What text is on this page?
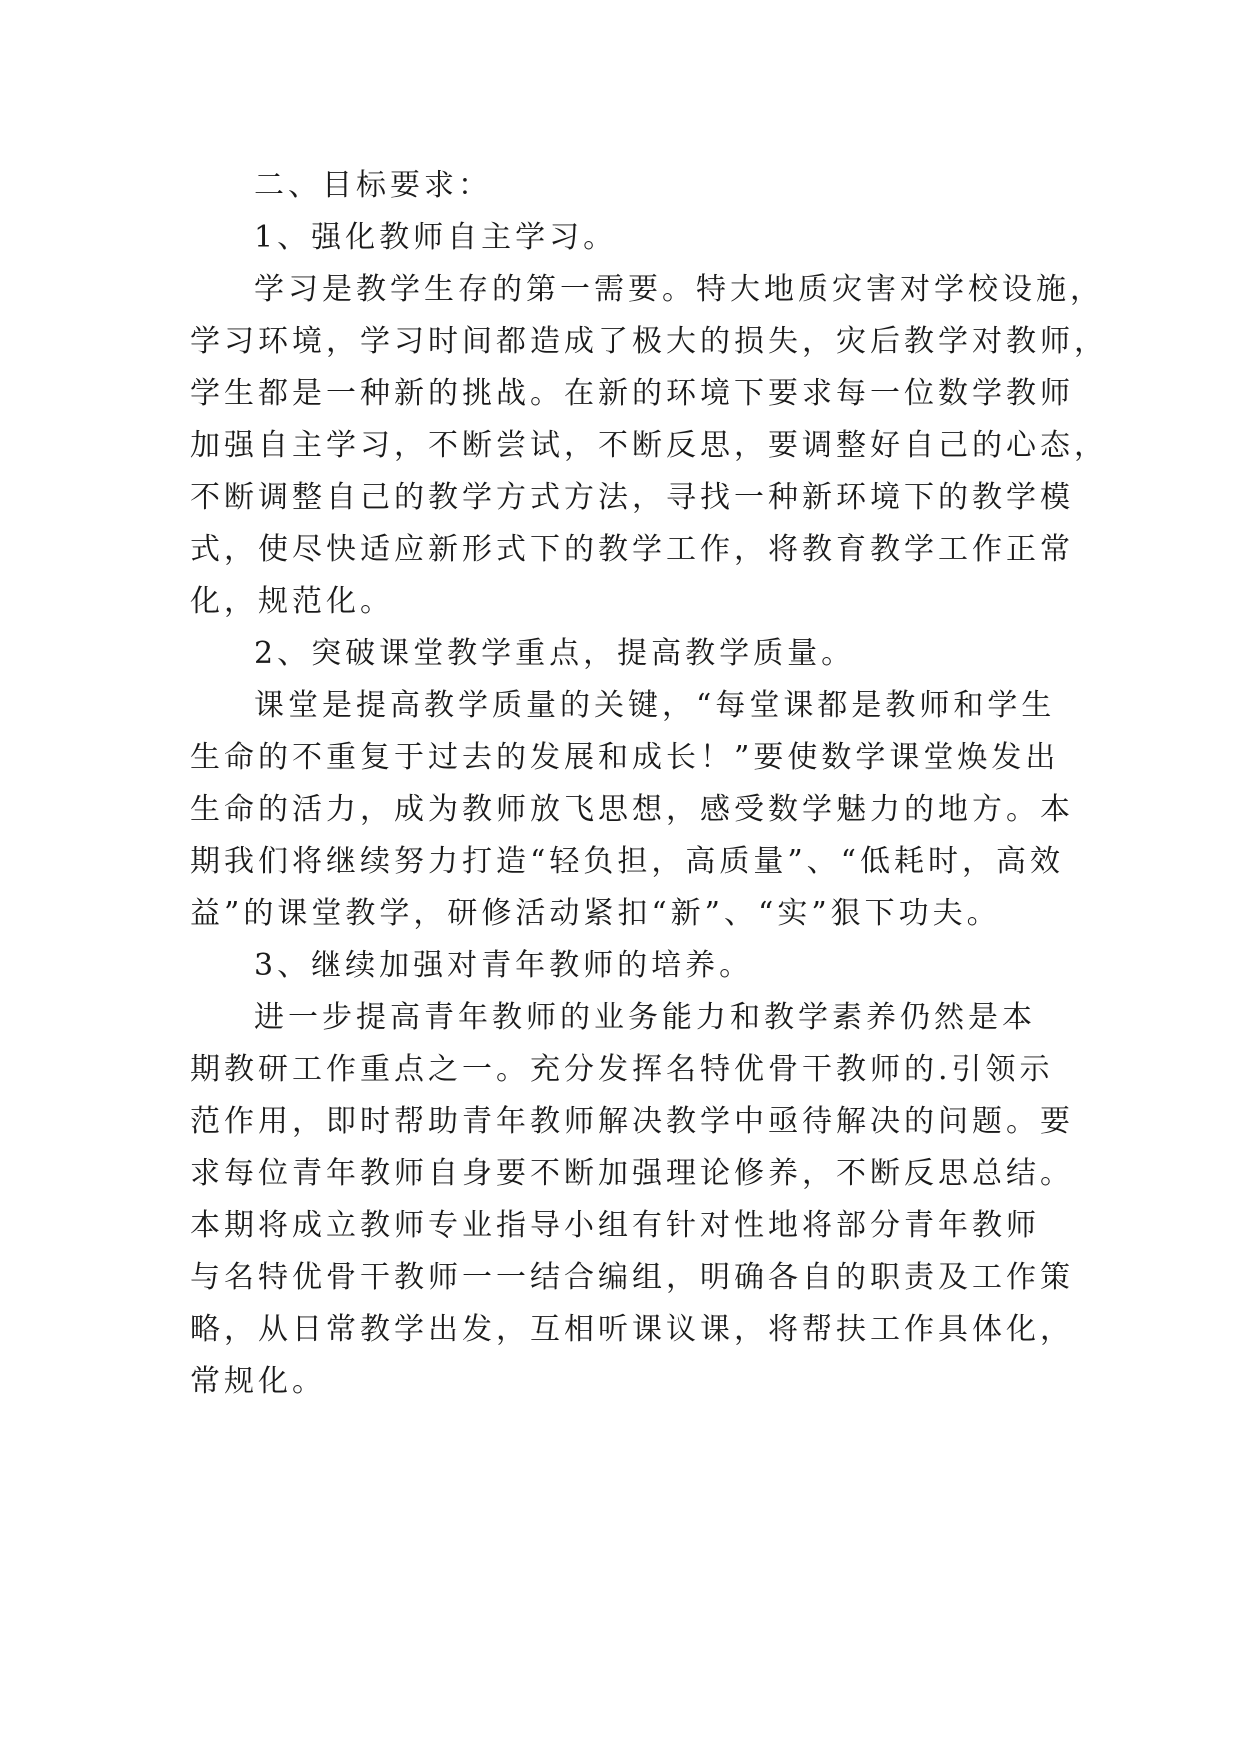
二、目标要求：
1、强化教师自主学习。
学习是教学生存的第一需要。特大地质灾害对学校设施，
学习环境，学习时间都造成了极大的损失，灾后教学对教师，
学生都是一种新的挑战。在新的环境下要求每一位数学教师
加强自主学习，不断尝试，不断反思，要调整好自己的心态，
不断调整自己的教学方式方法，寻找一种新环境下的教学模
式，使尽快适应新形式下的教学工作，将教育教学工作正常
化，规范化。
2、突破课堂教学重点，提高教学质量。
课堂是提高教学质量的关键，“每堂课都是教师和学生
生命的不重复于过去的发展和成长！”要使数学课堂焕发出
生命的活力，成为教师放飞思想，感受数学魅力的地方。本
期我们将继续努力打造“轻负担，高质量”、“低耗时，高效
益”的课堂教学，研修活动紧扣“新”、“实”狠下功夫。
3、继续加强对青年教师的培养。
进一步提高青年教师的业务能力和教学素养仍然是本
期教研工作重点之一。充分发挥名特优骨干教师的.引领示
范作用，即时帮助青年教师解决教学中亟待解决的问题。要
求每位青年教师自身要不断加强理论修养，不断反思总结。
本期将成立教师专业指导小组有针对性地将部分青年教师
与名特优骨干教师一一结合编组，明确各自的职责及工作策
略，从日常教学出发，互相听课议课，将帮扶工作具体化，
常规化。
